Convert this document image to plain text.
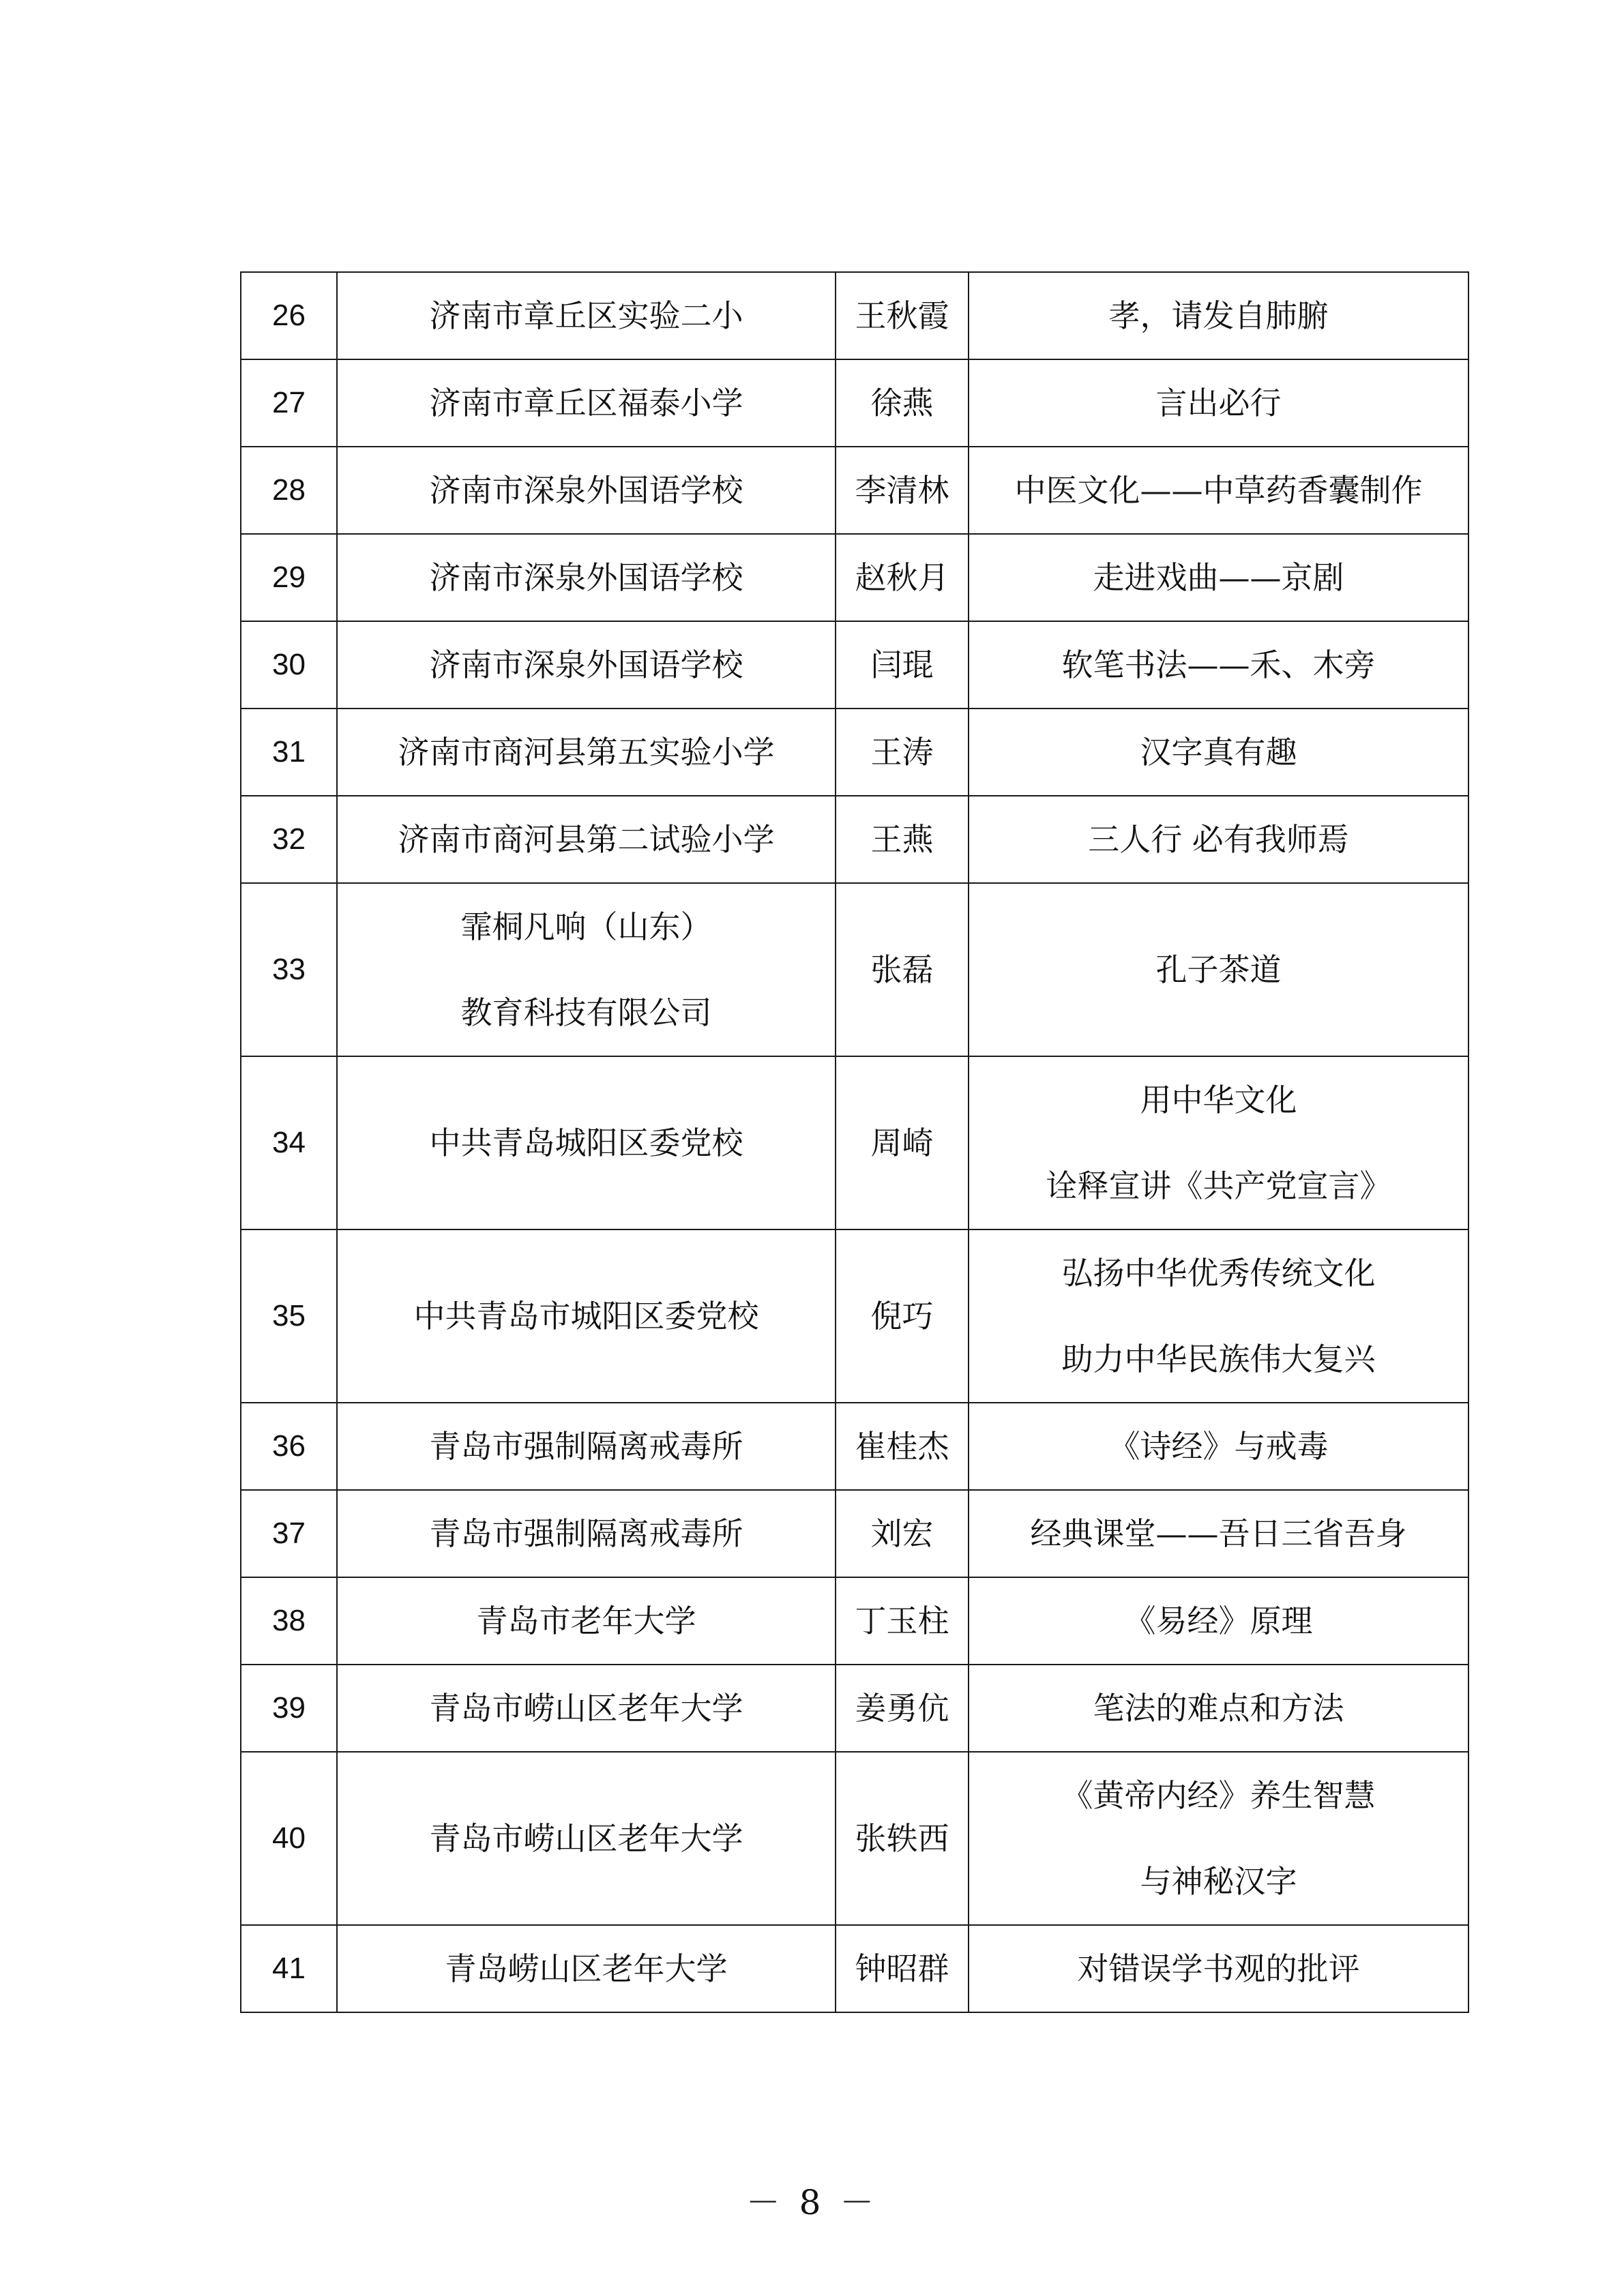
26	济南市章丘区实验二小	王秋霞	孝，请发自肺腑

27	济南市章丘区福泰小学	徐燕	言出必行

28	济南市深泉外国语学校	李清林	中医文化——中草药香囊制作

29	济南市深泉外国语学校	赵秋月	走进戏曲——京剧

30	济南市深泉外国语学校	闫琨	软笔书法——禾、木旁

31	济南市商河县第五实验小学	王涛	汉字真有趣

32	济南市商河县第二试验小学	王燕	三人行 必有我师焉

33	霏桐凡响（山东）
教育科技有限公司	张磊	孔子茶道

34	中共青岛城阳区委党校	周崎	用中华文化
诠释宣讲《共产党宣言》

35	中共青岛市城阳区委党校	倪巧	弘扬中华优秀传统文化
助力中华民族伟大复兴

36	青岛市强制隔离戒毒所	崔桂杰	《诗经》与戒毒

37	青岛市强制隔离戒毒所	刘宏	经典课堂——吾日三省吾身

38	青岛市老年大学	丁玉柱	《易经》原理

39	青岛市崂山区老年大学	姜勇伉	笔法的难点和方法

40	青岛市崂山区老年大学	张轶西	《黄帝内经》养生智慧
与神秘汉字

41	青岛崂山区老年大学	钟昭群	对错误学书观的批评
－ 8 －
